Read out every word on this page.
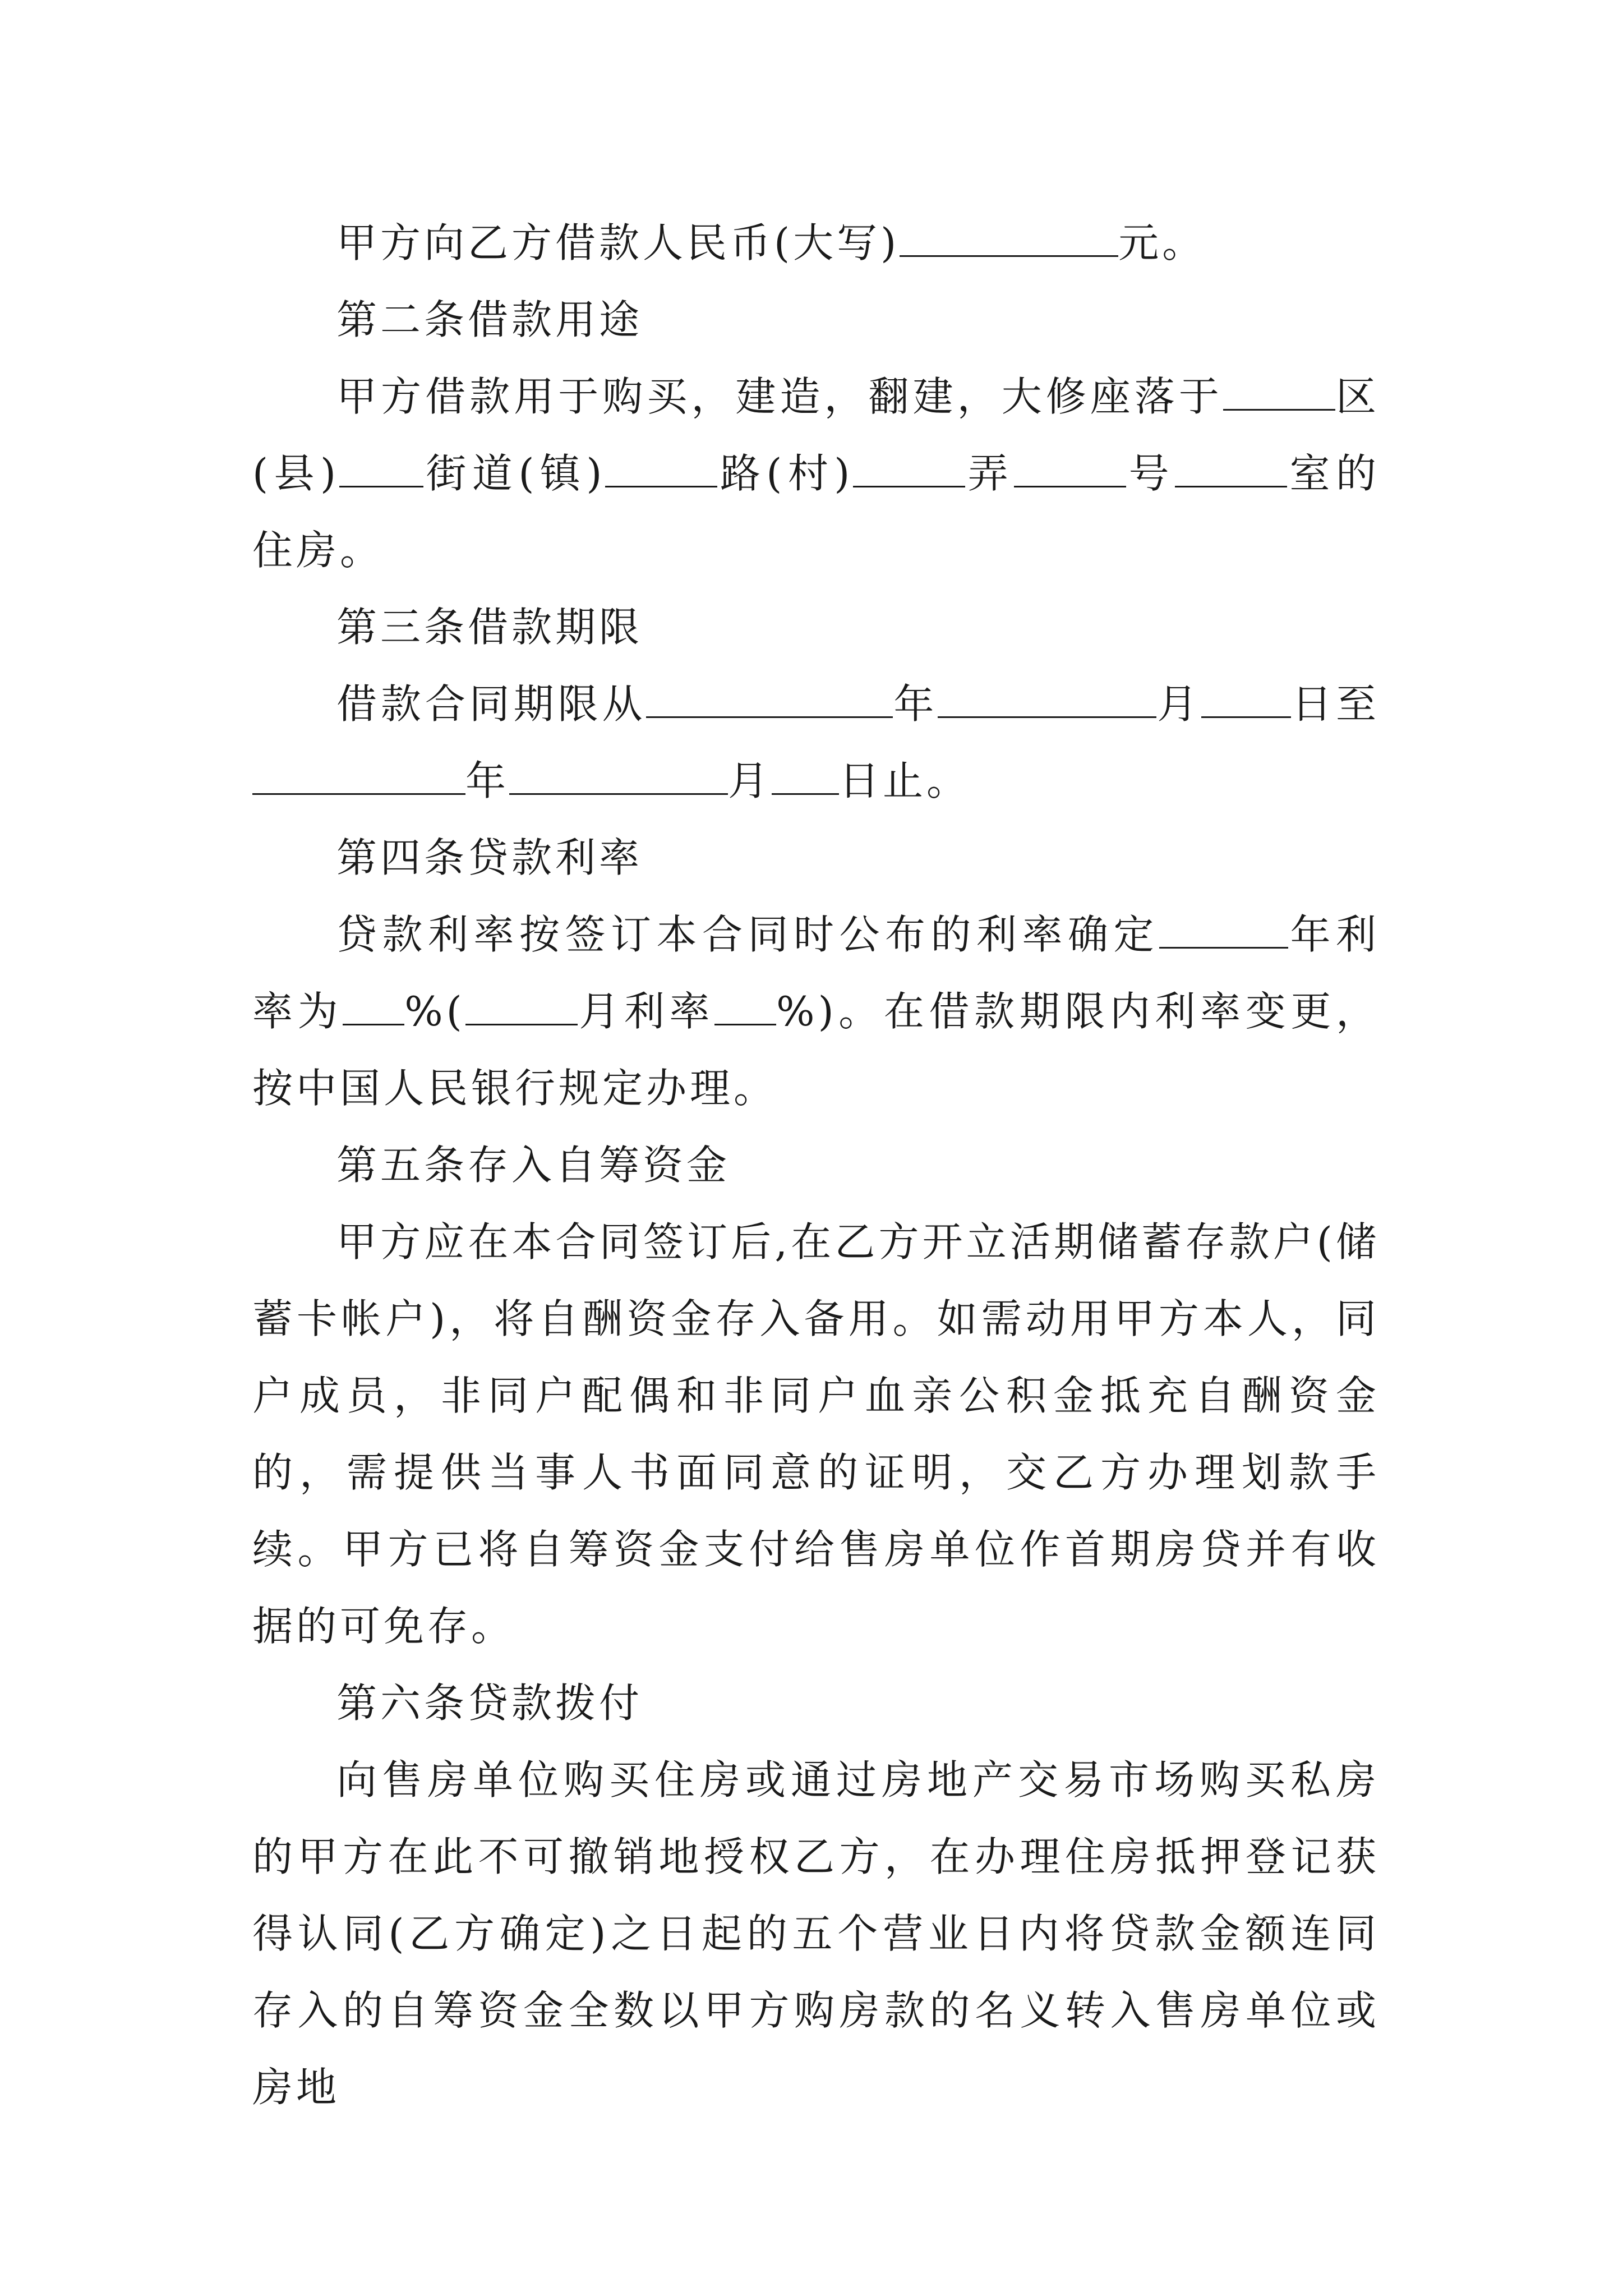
甲方向乙方借款人民币(大写)	元。

第二条借款用途

甲方借款用于购买，建造，翻建，大修座落于	区(县) 街道(镇)	路(村)	弄	号	室的住房。

第三条借款期限

借款合同期限从	年	月 日至年	月 日止。

第四条贷款利率

贷款利率按签订本合同时公布的利率确定	年利率为 %(	月利率 %)。在借款期限内利率变更，按中国人民银行规定办理。

第五条存入自筹资金

甲方应在本合同签订后,在乙方开立活期储蓄存款户(储蓄卡帐户)，将自酬资金存入备用。如需动用甲方本人，同户成员，非同户配偶和非同户血亲公积金抵充自酬资金的，需提供当事人书面同意的证明，交乙方办理划款手续。甲方已将自筹资金支付给售房单位作首期房贷并有收据的可免存。

第六条贷款拨付

向售房单位购买住房或通过房地产交易市场购买私房的甲方在此不可撤销地授权乙方，在办理住房抵押登记获得认同(乙方确定)之日起的五个营业日内将贷款金额连同存入的自筹资金全数以甲方购房款的名义转入售房单位或房地
